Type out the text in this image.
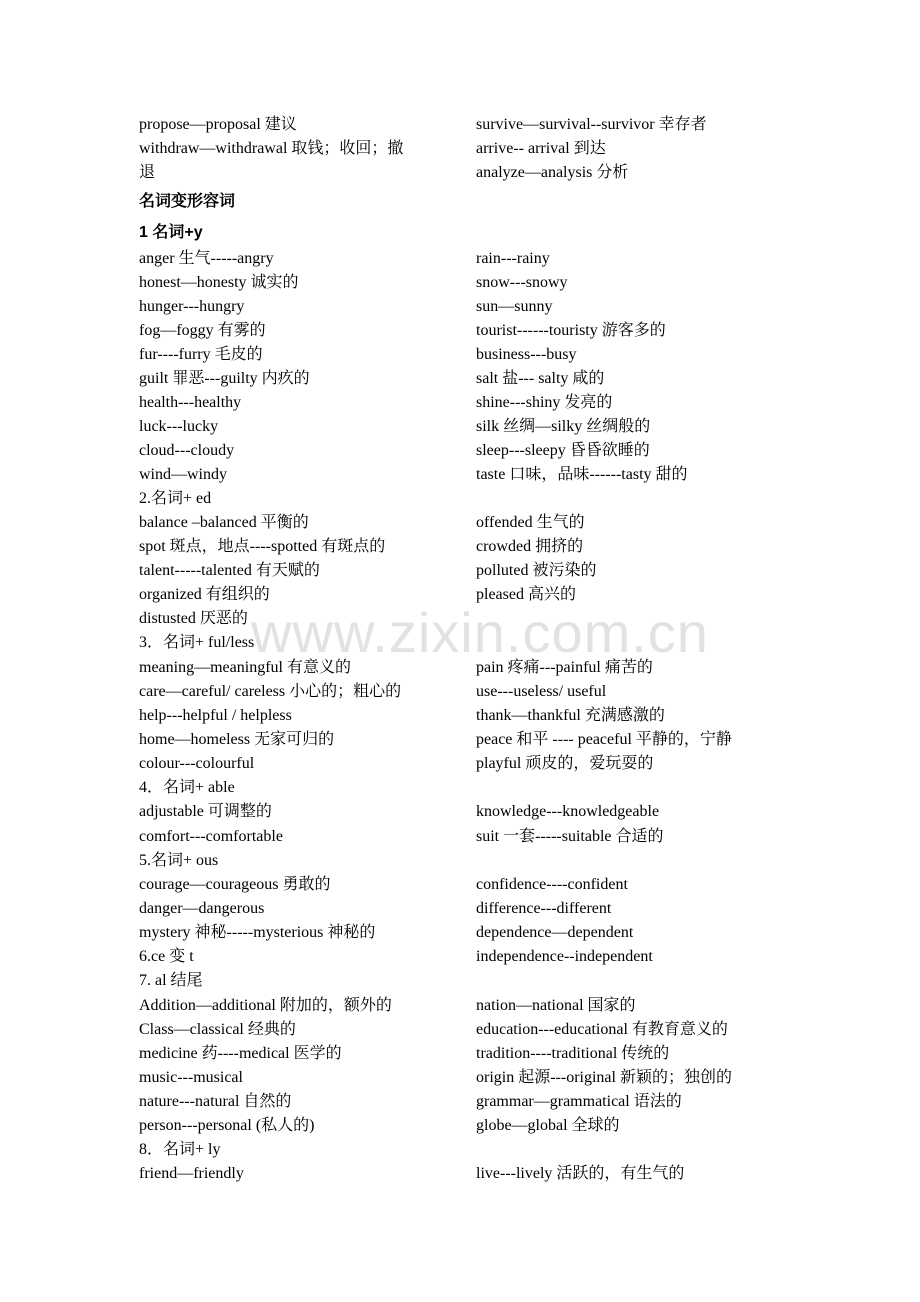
propose—proposal 建议	survive—survival--survivor 幸存者
withdraw—withdrawal 取钱；收回；撤	arrive-- arrival 到达
退	analyze—analysis 分析
名词变形容词
1 名词+y
anger 生气-----angry	rain---rainy
honest—honesty 诚实的	snow---snowy
hunger---hungry	sun—sunny
fog—foggy 有雾的	tourist------touristy 游客多的
fur----furry 毛皮的	business---busy
guilt 罪恶---guilty 内疚的	salt 盐--- salty 咸的
health---healthy	shine---shiny 发亮的
luck---lucky	silk 丝绸—silky 丝绸般的
cloud---cloudy	sleep---sleepy 昏昏欲睡的
wind—windy	taste 口味，品味------tasty 甜的
2.名词+ ed
balance –balanced 平衡的	offended 生气的
spot 斑点，地点----spotted 有斑点的	crowded 拥挤的
talent-----talented 有天赋的	polluted 被污染的
organized 有组织的	pleased 高兴的
distusted 厌恶的
3．名词+ ful/less
meaning—meaningful 有意义的	pain 疼痛---painful 痛苦的
care—careful/ careless 小心的；粗心的	use---useless/ useful
help---helpful / helpless	thank—thankful 充满感激的
home—homeless 无家可归的	peace 和平 ---- peaceful 平静的，宁静
colour---colourful	playful 顽皮的，爱玩耍的
4．名词+ able
adjustable 可调整的	knowledge---knowledgeable
comfort---comfortable	suit 一套-----suitable 合适的
5.名词+ ous
courage—courageous 勇敢的	confidence----confident
danger—dangerous	difference---different
mystery 神秘-----mysterious 神秘的	dependence—dependent
6.ce 变 t	independence--independent
7. al 结尾
Addition—additional 附加的，额外的	nation—national 国家的
Class—classical 经典的	education---educational 有教育意义的
medicine 药----medical 医学的	tradition----traditional 传统的
music---musical	origin 起源---original 新颖的；独创的
nature---natural 自然的	grammar—grammatical 语法的
person---personal (私人的)	globe—global 全球的
8．名词+ ly
friend—friendly	live---lively 活跃的，有生气的
www.zixin.com.cn
